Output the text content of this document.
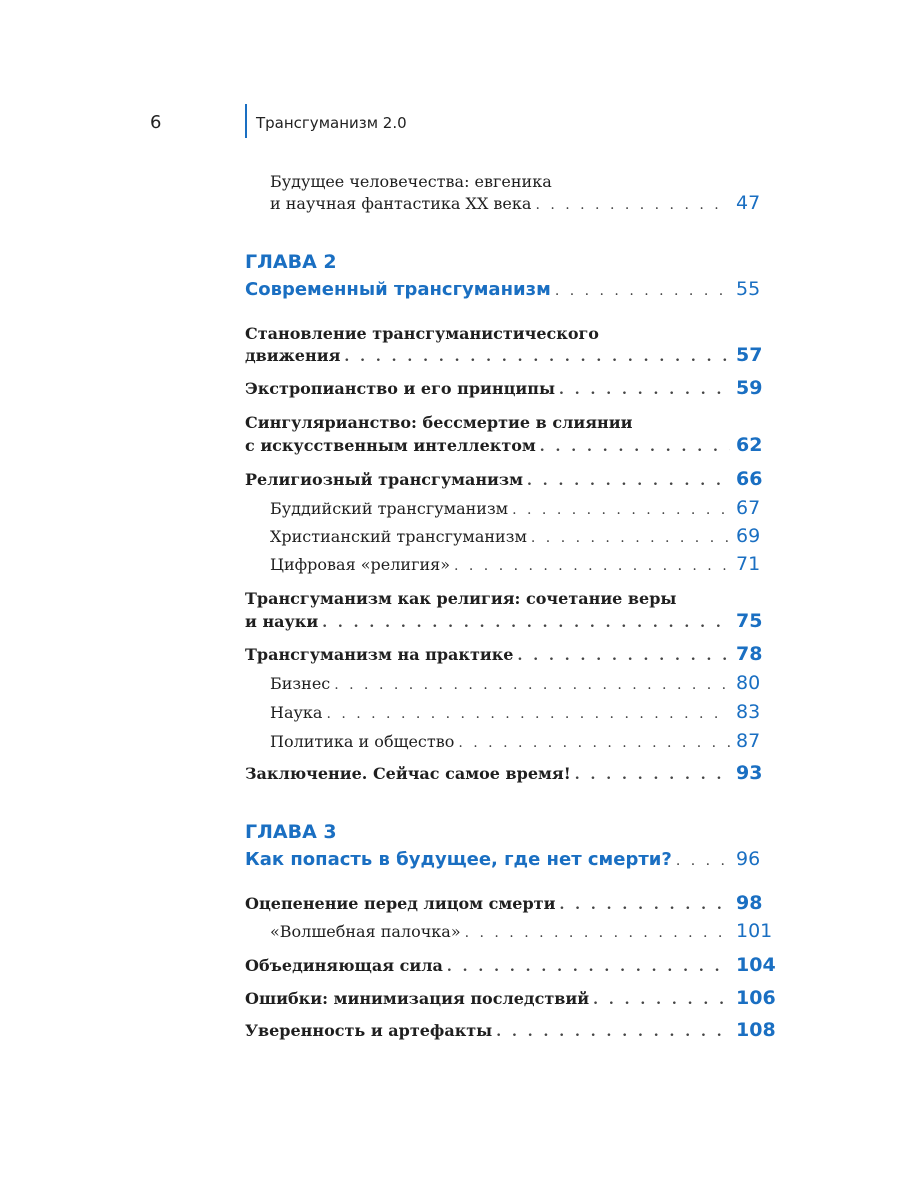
6	Трансгуманизм 2.0
Будущее человечества: евгеника
и научная фантастика XX века . . .	47
ГЛАВА 2
Современный трансгуманизм . . .	55
Становление трансгуманистического
движения . . .	57
Экстропианство и его принципы . . .	59
Сингулярианство: бессмертие в слиянии
с искусственным интеллектом . . .	62
Религиозный трансгуманизм . . .	66
Буддийский трансгуманизм . . .	67
Христианский трансгуманизм . . .	69
Цифровая «религия» . . .	71
Трансгуманизм как религия: сочетание веры
и науки . . .	75
Трансгуманизм на практике . . .	78
Бизнес . . .	80
Наука . . .	83
Политика и общество . . .	87
Заключение. Сейчас самое время! . . .	93
ГЛАВА 3
Как попасть в будущее, где нет смерти? . . .	96
Оцепенение перед лицом смерти . . .	98
«Волшебная палочка» . . .	101
Объединяющая сила . . .	104
Ошибки: минимизация последствий . . .	106
Уверенность и артефакты . . .	108
